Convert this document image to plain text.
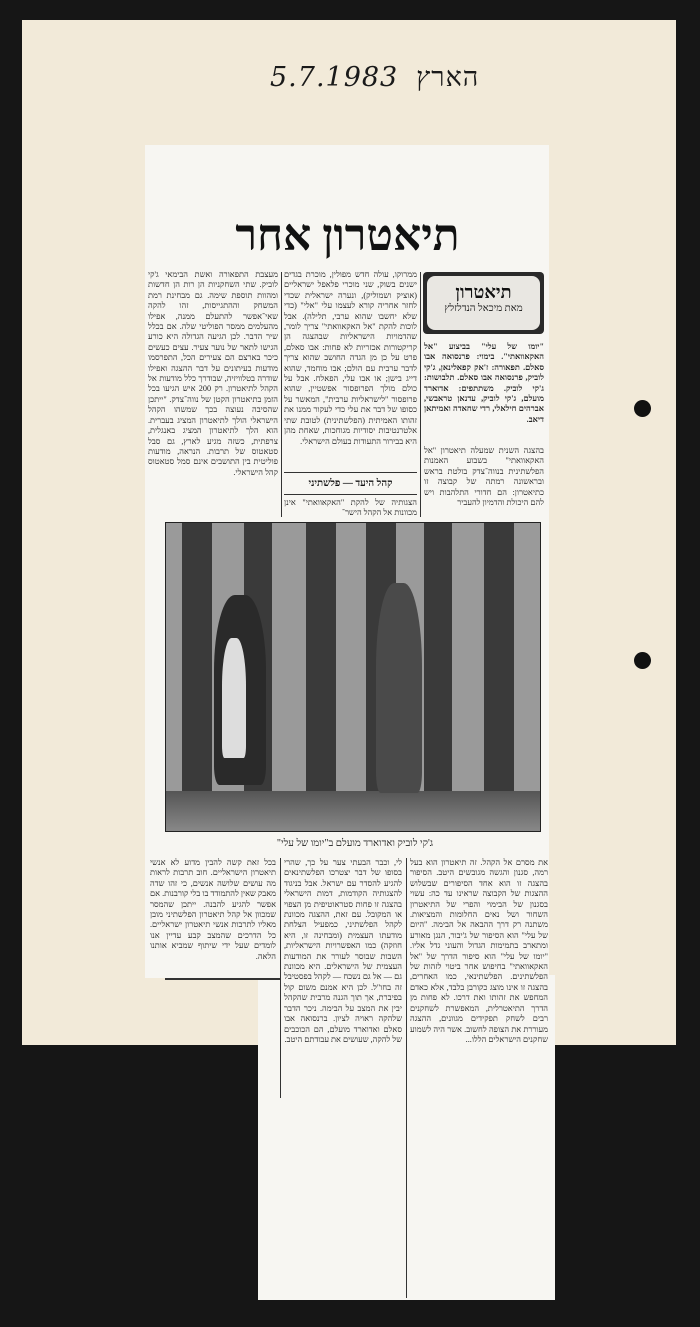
5.7.1983 הארץ
תיאטרון אחר
תיאטרון
מאת מיכאל הנדלזלץ
"יומו של עלי" בביצוע "אל האקאוואתי". בימוי: פרנסואה אבו סאלם. תפאורה: ז'אק קפאלינאן, ג'קי לוביק, פרנסואה אבו סאלם. תלבושות: ג'קי לוביק. משתתפים: אדוארד מועלם, ג'קי לוביק, עדנאן טראבשי, אברהים חילאלי, רדי שחאדה ואמיתאן דיאב.
בהצגה השנית שמעלה תיאטרון "אל האקאוואתי" בשבוע האמנות הפלשתינית בנווה־צדק בולטת בראש ובראשונה רמתה של קבוצה זו כתיאטרון: הם חדורי התלהבות ויש להם היכולת והדמיון להעביר
ממרוקו, עולה חדש מפולין, מוכרת בגדים ישנים בשוק, שני מוכרי פלאפל ישראליים (אוציק ושמוליק), ונערה ישראלית שכדי לחזר אחריה קורא לעצמו עלי "אלי" (כדי שלא יחשבו שהוא ערבי, תלילה). אבל לוכות להקת "אל האקאוואתי" צריך לומר, שהדמויות הישראליות שבהצגה הן קריקטורות אכזריות לא פחות: אבו סאלם, פרט על כן מן הגדה החושב שהוא צריך לדבר ערבית עם הולם; אבו מוחמד, שהוא דייג בישן; או אבו עלי, הפאלח. אבל על כולם מולך הפרופסור אפשטיין, שהוא פרופסור "לישראליות ערבית", המאשר על כסופו של דבר את עלי כדי לעקור ממנו את זהותו האמיתית (הפלשתינית) לטובת שתי אלטרנטיבות יסודיות מגוחכות, שאחת מהן היא בבירור התעודות בעולם הישראלי.
קהל היעד — פלשתיני
הצגותיה של להקת "האקאוואתי" אינן מכוונות אל הקהל הישר־
מעצבת התפאורה ואשת הבימאי ג'קי לוביק. שתי השחקניות הן רות הן חדשות ומהוות תוספת שימה. גם מבחינת רמת המשחק וההתגייסות, זהו להקה שאי־אפשר להתעלם ממנה, אפילו מהעלמים ממסר הפוליטי שלה. אם בכלל שיר הדבר. לכן הגיעה הגדולה היא כורע הגישו לתאר של נוער צעיר. עצים כעשים כיכר בארצם הם צעירים הכל, התפרסמו מודעות בעיתונים על דבר ההצגה ואפילו שודרה בטלוויזיה, שבודרך כלל מודעות אל הקהל לתיאטרון. רק 200 איש הגיעו בכל הזמן בתיאטרון הקטן של נווה־צדק. "ייתכן שהסיבה נעוצה בכך שמשהו הקהל הישראלי הולך לתיאטרון המציג בעברית. הוא הלך לתיאטרון המציג באנגלית, צרפתית, כשזה מגיע לארץ, גם סבל סטאטוס של תרבות. הנראה, מודעות פוליטית בין התושבים אינם סמל סטאטוס קהל הישראלי.
ג'קי לוביק ואדוארד מועלם ב"יומו של עלי"
את מסרם אל הקהל. זה תיאטרון הוא בעל רמה, סגנון והגשה מגובשים היטב. הסיפור בהצגה זו הוא אחד הסיפורים שבשלוש ההצגות של הקבוצה שראינו עד כה: עשוי בסגנון של הבימוי והפרי של התיאטרון השחור ושל נאים החלומות והמציאות. משתנה רק דרך ההבאה אל הבימה. "היום של עלי" הוא הסיפור של ג'יבור, הנגן מאורע ומתארב בתמימות הגדול והעוני גדל אליו. "יומו של עלי" הוא סיפור הדרך של "אל האקאוואתי" בחיפוש אחר ביטוי לזהות של הפלשתינים. הפלשתינאי, כמו האחרים, בהצגה זו אינו מוצג כקורבן בלבד, אלא כאדם המחפש את זהותו ואת דרכו. לא פחות מן הדרך התיאטרלית, המאפשרת לשחקנים רבים לשחק תפקידים מגוונים, ההצגה מעוררת את הצופה לחשוב. אשר היה לשמוע שחקנים הישראלים הללו...
לי, וכבר הבעתי צער על כך, שהרי בסופו של דבר יצטרכו הפלשתינאים להגיע להסדר עם ישראל. אבל בניגוד להצגותיה הקודמות, דמות הישראלי בהצגה זו פחות סטראוטיפית מן הצפוי או המקובל. עם זאת, ההצגה מכוונת לקהל הפלשתיני, כמפעיל הצלחת מודעתו העצמית (ומבחינה זו, היא חוזקה) כמו האפשרויות הישראליות, השבות שבוסר לעורר את המודעות העצמית של הישראלים. היא מכוונת גם — אל גם נשכח — לקהל בפסטיבל זה בחו"ל. לכן היא אמנם משום קול בפיברת, אך תוך הגנה מרבית שהקהל יבין את המצב על הבימה. ניכר הדבר שלהקה ראויה לציון. ברנסואה אבו סאלם ואדוארד מועלם, הם הכוכבים של להקה, שעושים את עבודתם היטב.
בכל זאת קשה להבין מדוע לא אנשי תיאטרון הישראליים. חוב תרבות לראות מה עושים שלושה אנשים, כי זהו שדה מאבק שאין להתמודד בו בלי קורבנות. אם אפשר להגיע להבנה. ייתכן שהמסר שמכוון אל קהל תיאטרון הפלשתיני מובן מאליו לתרבות אנשי תיאטרון ישראליים. כל הדרכים שהמצב קבע עדיין אנו לומדים שעל ידי שיתוף שמביא אותנו הלאה.
